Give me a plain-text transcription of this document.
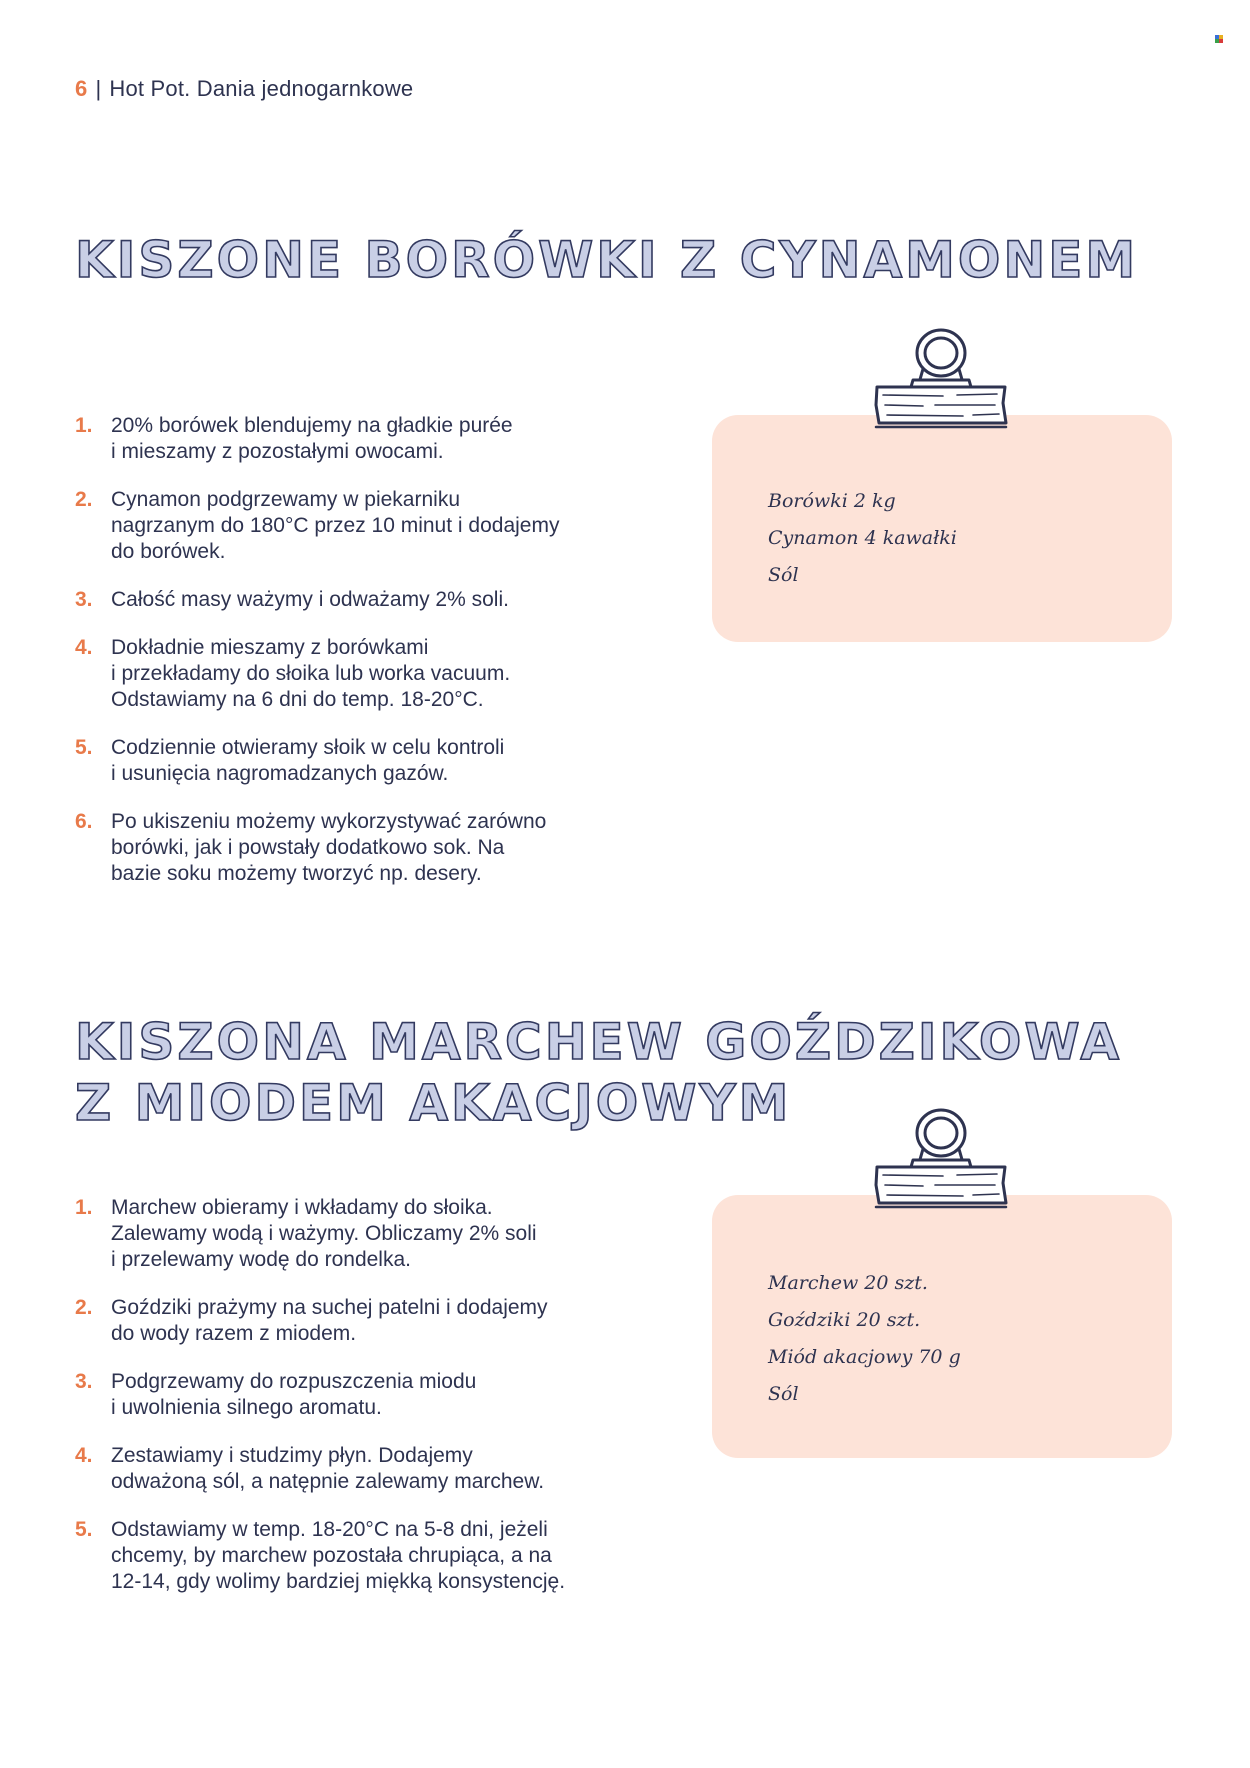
6 | Hot Pot. Dania jednogarnkowe
KISZONE BORÓWKI Z CYNAMONEM
1. 20% borówek blendujemy na gładkie purée
i mieszamy z pozostałymi owocami.
2. Cynamon podgrzewamy w piekarniku
nagrzanym do 180°C przez 10 minut i dodajemy
do borówek.
3. Całość masy ważymy i odważamy 2% soli.
4. Dokładnie mieszamy z borówkami
i przekładamy do słoika lub worka vacuum.
Odstawiamy na 6 dni do temp. 18-20°C.
5. Codziennie otwieramy słoik w celu kontroli
i usunięcia nagromadzanych gazów.
6. Po ukiszeniu możemy wykorzystywać zarówno
borówki, jak i powstały dodatkowo sok. Na
bazie soku możemy tworzyć np. desery.
Borówki 2 kg
Cynamon 4 kawałki
Sól
KISZONA MARCHEW GOŹDZIKOWA
Z MIODEM AKACJOWYM
1. Marchew obieramy i wkładamy do słoika.
Zalewamy wodą i ważymy. Obliczamy 2% soli
i przelewamy wodę do rondelka.
2. Goździki prażymy na suchej patelni i dodajemy
do wody razem z miodem.
3. Podgrzewamy do rozpuszczenia miodu
i uwolnienia silnego aromatu.
4. Zestawiamy i studzimy płyn. Dodajemy
odważoną sól, a natępnie zalewamy marchew.
5. Odstawiamy w temp. 18-20°C na 5-8 dni, jeżeli
chcemy, by marchew pozostała chrupiąca, a na
12-14, gdy wolimy bardziej miękką konsystencję.
Marchew 20 szt.
Goździki 20 szt.
Miód akacjowy 70 g
Sól
